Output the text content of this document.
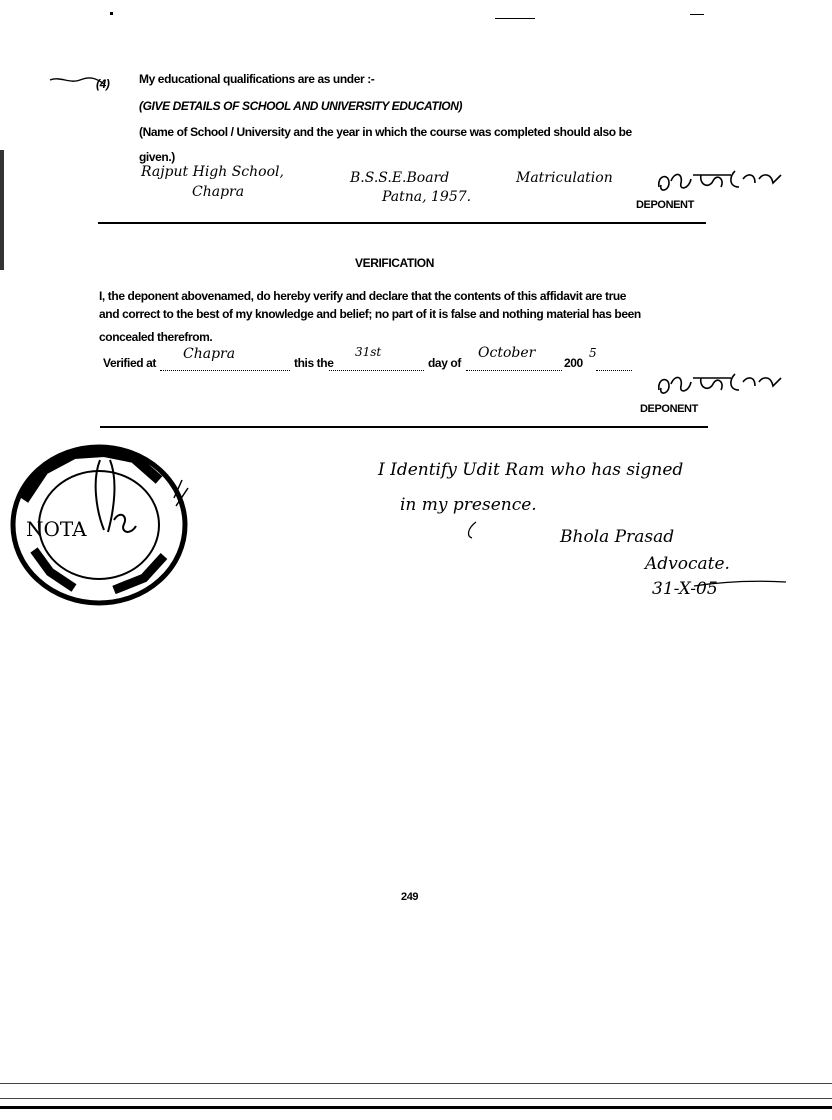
(4) My educational qualifications are as under :-
(GIVE DETAILS OF SCHOOL AND UNIVERSITY EDUCATION)
(Name of School / University and the year in which the course was completed should also be
given.)
Rajput High School,
Chapra
B.S.S.E.Board
Patna, 1957.
Matriculation
DEPONENT
VERIFICATION
I, the deponent abovenamed, do hereby verify and declare that the contents of this affidavit are true
and correct to the best of my knowledge and belief; no part of it is false and nothing material has been
concealed therefrom.
Verified at
Chapra
this the
31st
day of
October
200
5
DEPONENT
NOTA
I Identify Udit Ram who has signed
in my presence.
Bhola Prasad
Advocate.
31-X-05
249
